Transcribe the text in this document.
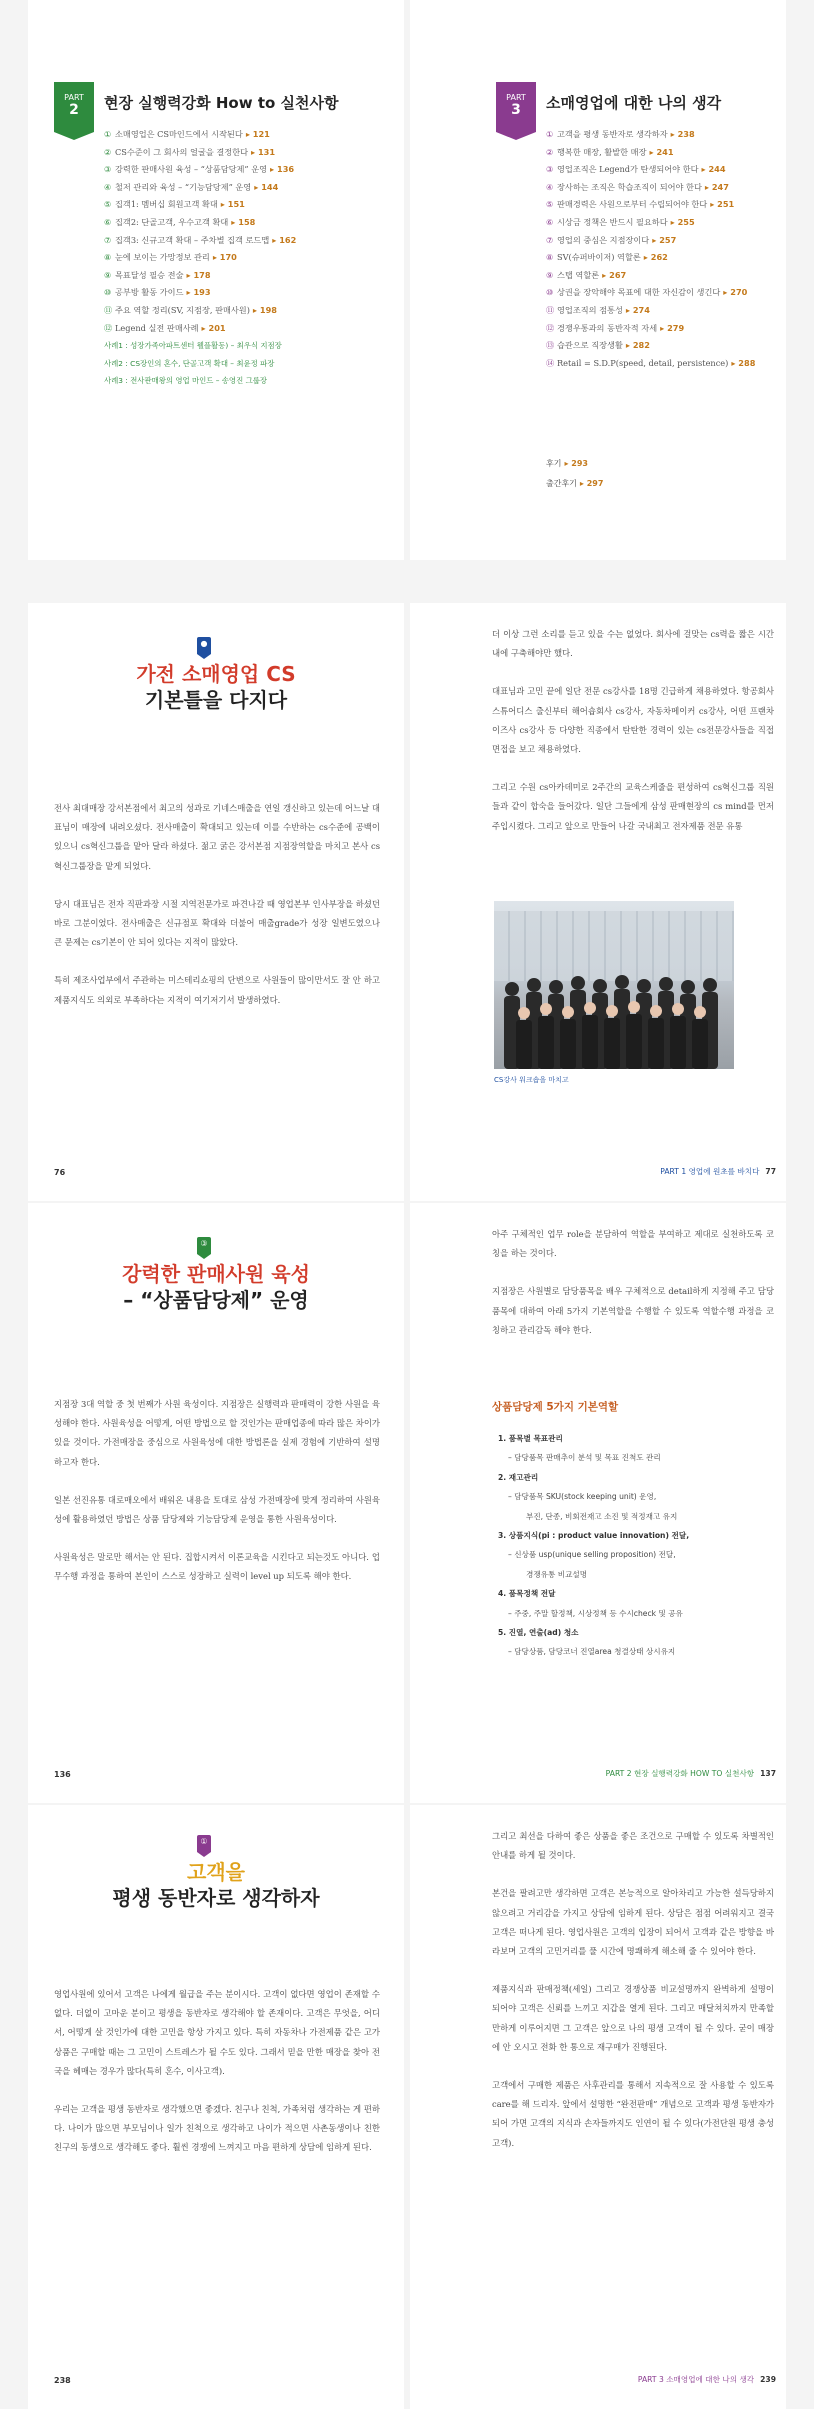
PART
2	현장 실행력강화 How to 실천사항
① 소매영업은 CS마인드에서 시작된다 ▸ 121
② CS수준이 그 회사의 얼굴을 결정한다 ▸ 131
③ 강력한 판매사원 육성 – “상품담당제” 운영 ▸ 136
④ 철저 관리와 육성 – “기능담당제” 운영 ▸ 144
⑤ 집객1: 멤버십 회원고객 확대 ▸ 151
⑥ 집객2: 단골고객, 우수고객 확대 ▸ 158
⑦ 집객3: 신규고객 확대 – 주차별 집객 로드맵 ▸ 162
⑧ 눈에 보이는 가망정보 관리 ▸ 170
⑨ 목표달성 필승 전술 ▸ 178
⑩ 공부방 활동 가이드 ▸ 193
⑪ 주요 역할 정리(SV, 지점장, 판매사원) ▸ 198
⑫ Legend 실전 판매사례 ▸ 201
사례1 : 성장가족아파트센터 웰플활동) – 최우식 지점장
사례2 : CS장인의 혼수, 단골고객 확대 – 최윤정 파장
사례3 : 전사판매왕의 영업 마인드 – 송영진 그룹장
PART
3	소매영업에 대한 나의 생각
① 고객을 평생 동반자로 생각하자 ▸ 238
② 행복한 매장, 활발한 매장 ▸ 241
③ 영업조직은 Legend가 탄생되어야 한다 ▸ 244
④ 장사하는 조직은 학습조직이 되어야 한다 ▸ 247
⑤ 판매경력은 사원으로부터 수립되어야 한다 ▸ 251
⑥ 시상금 정책은 반드시 필요하다 ▸ 255
⑦ 영업의 중심은 지점장이다 ▸ 257
⑧ SV(슈퍼바이저) 역할론 ▸ 262
⑨ 스탭 역할론 ▸ 267
⑩ 상권을 장악해야 목표에 대한 자신감이 생긴다 ▸ 270
⑪ 영업조직의 점통성 ▸ 274
⑫ 경쟁우통과의 동반자적 자세 ▸ 279
⑬ 습관으로 직장생활 ▸ 282
⑭ Retail = S.D.P(speed, detail, persistence) ▸ 288
후기 ▸ 293
출간후기 ▸ 297
●
가전 소매영업 CS
기본틀을 다지다

전사 최대매장 강서본점에서 최고의 성과로 기네스매출을 연일 갱신하고 있는데 어느날 대표님이 매장에 내려오셨다. 전사매출이 확대되고 있는데 이를 수반하는 cs수준에 공백이 있으니 cs혁신그룹을 맡아 달라 하셨다. 젊고 굵은 강서본점 지점장역할을 마치고 본사 cs혁신그룹장을 맡게 되었다.

당시 대표님은 전자 직판과장 시절 지역전문가로 파견나갈 때 영업본부 인사부장을 하셨던 바로 그분이었다. 전사매출은 신규점포 확대와 더불어 매출grade가 성장 일변도였으나 큰 문제는 cs기본이 안 되어 있다는 지적이 많았다.

특히 제조사업부에서 주관하는 미스테리쇼핑의 단변으로 사원들이 많이만서도 잘 안 하고 제품지식도 의외로 부족하다는 지적이 여기저기서 발생하였다.

76

더 이상 그런 소리를 듣고 있을 수는 없었다. 회사에 걸맞는 cs력을 짧은 시간 내에 구축해야만 했다.

대표님과 고민 끝에 일단 전문 cs강사를 18명 긴급하게 채용하였다. 항공회사 스튜어디스 출신부터 해어숍회사 cs강사, 자동차메이커 cs강사, 어떤 프랜차이즈사 cs강사 등 다양한 직종에서 탄탄한 경력이 있는 cs전문강사들을 직접 면접을 보고 채용하였다.

그리고 수원 cs아카데미로 2주간의 교육스케줄을 편성하여 cs혁신그룹 직원들과 같이 합숙을 들어갔다. 일단 그들에게 삼성 판매현장의 cs mind를 먼저 주입시켰다. 그리고 앞으로 만들어 나갈 국내최고 전자제품 전문 유통

CS강사 워크숍을 마치고
PART 1 영업에 원초를 바치다 77
③
강력한 판매사원 육성
– “상품담당제” 운영

지점장 3대 역할 중 첫 번째가 사원 육성이다. 지점장은 실행력과 판매력이 강한 사원을 육성해야 한다. 사원육성을 어떻게, 어떤 방법으로 할 것인가는 판매업종에 따라 많은 차이가 있을 것이다. 가전매장을 중심으로 사원육성에 대한 방법론을 실제 경험에 기반하여 설명하고자 한다.

일본 선진유통 대로매오에서 배워온 내용을 토대로 삼성 가전매장에 맞게 정리하여 사원육성에 활용하였던 방법은 상품 담당제와 기능담당제 운영을 통한 사원육성이다.

사원육성은 말로만 해서는 안 된다. 집합시켜서 이론교육을 시킨다고 되는것도 아니다. 업무수행 과정을 통하여 본인이 스스로 성장하고 실력이 level up 되도록 해야 한다.

136

아주 구체적인 업무 role을 분담하여 역할을 부여하고 제대로 실천하도록 코칭을 하는 것이다.

지점장은 사원별로 담당품목을 배우 구체적으로 detail하게 지정해 주고 담당품목에 대하여 아래 5가지 기본역할을 수행할 수 있도록 역할수행 과정을 코칭하고 관리감독 해야 한다.

상품담당제 5가지 기본역할
1. 품목별 목표관리
– 담당품목 판매추이 분석 및 목표 진척도 관리
2. 재고관리
– 담당품목 SKU(stock keeping unit) 운영,
부진, 단종, 비회전재고 소진 및 적정재고 유지
3. 상품지식(pi : product value innovation) 전달,
– 신상품 usp(unique selling proposition) 전달,
경쟁유통 비교설명
4. 품목정책 전달
– 주중, 주말 할정책, 시상정책 등 수시check 및 공유
5. 진열, 연출(ad) 청소
– 담당상품, 담당코너 진열area 청결상태 상시유지
PART 2 현장 실행력강화 HOW TO 실천사항 137
①
고객을
평생 동반자로 생각하자

영업사원에 있어서 고객은 나에게 월급을 주는 분이시다. 고객이 없다면 영업이 존재할 수 없다. 더없이 고마운 분이고 평생을 동반자로 생각해야 할 존재이다. 고객은 무엇을, 어디서, 어떻게 살 것인가에 대한 고민을 항상 가지고 있다. 특히 자동차나 가전제품 같은 고가상품은 구매할 때는 그 고민이 스트레스가 될 수도 있다. 그래서 믿을 만한 매장을 찾아 전국을 헤매는 경우가 많다(특히 혼수, 이사고객).

우리는 고객을 평생 동반자로 생각했으면 좋겠다. 친구나 친척, 가족처럼 생각하는 게 편하다. 나이가 많으면 부모님이나 일가 친척으로 생각하고 나이가 적으면 사촌동생이나 친한 친구의 동생으로 생각해도 좋다. 훨씬 경쟁에 느껴지고 마음 편하게 상담에 임하게 된다.

238

그리고 최선을 다하여 좋은 상품을 좋은 조건으로 구매할 수 있도록 차별적인 안내를 하게 될 것이다.

본건을 팔려고만 생각하면 고객은 본능적으로 알아차리고 가능한 설득당하지 않으려고 거리감을 가지고 상담에 임하게 된다. 상담은 점점 어려워지고 결국 고객은 떠나게 된다. 영업사원은 고객의 입장이 되어서 고객과 같은 방향을 바라보며 고객의 고민거리를 풀 시간에 명쾌하게 해소해 줄 수 있어야 한다.

제품지식과 판매정책(세일) 그리고 경쟁상품 비교설명까지 완벽하게 설명이 되어야 고객은 신뢰를 느끼고 지갑을 열게 된다. 그리고 매달쳐치까지 만족할 만하게 이루어지면 그 고객은 앞으로 나의 평생 고객이 될 수 있다. 굳이 매장에 안 오시고 전화 한 통으로 재구매가 진행된다.

고객에서 구매한 제품은 사후관리를 통해서 지속적으로 잘 사용할 수 있도록 care를 해 드리자. 앞에서 설명한 “완전판매” 개념으로 고객과 평생 동반자가 되어 가면 고객의 지식과 손자들까지도 인연이 될 수 있다(가전단원 평생 충성고객).

PART 3 소매영업에 대한 나의 생각 239
